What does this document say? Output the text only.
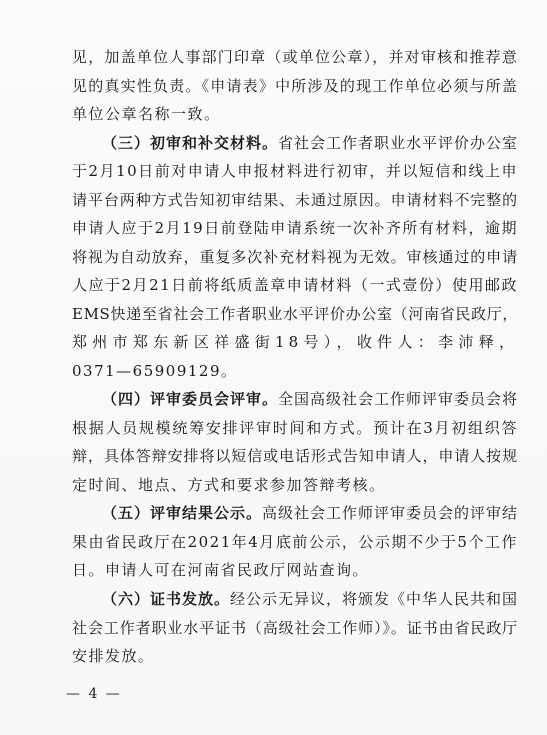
见，加盖单位人事部门印章（或单位公章），并对审核和推荐意
见的真实性负责。《申请表》中所涉及的现工作单位必须与所盖
单位公章名称一致。
（三）初审和补交材料。省社会工作者职业水平评价办公室
于2月10日前对申请人申报材料进行初审，并以短信和线上申
请平台两种方式告知初审结果、未通过原因。申请材料不完整的
申请人应于2月19日前登陆申请系统一次补齐所有材料，逾期
将视为自动放弃，重复多次补充材料视为无效。审核通过的申请
人应于2月21日前将纸质盖章申请材料（一式壹份）使用邮政
EMS快递至省社会工作者职业水平评价办公室（河南省民政厅，
郑州市郑东新区祥盛街18号），收件人：李沛释，
0371—65909129。
（四）评审委员会评审。全国高级社会工作师评审委员会将
根据人员规模统筹安排评审时间和方式。预计在3月初组织答
辩，具体答辩安排将以短信或电话形式告知申请人，申请人按规
定时间、地点、方式和要求参加答辩考核。
（五）评审结果公示。高级社会工作师评审委员会的评审结
果由省民政厅在2021年4月底前公示，公示期不少于5个工作
日。申请人可在河南省民政厅网站查询。
（六）证书发放。经公示无异议，将颁发《中华人民共和国
社会工作者职业水平证书（高级社会工作师）》。证书由省民政厅
安排发放。
— 4 —
